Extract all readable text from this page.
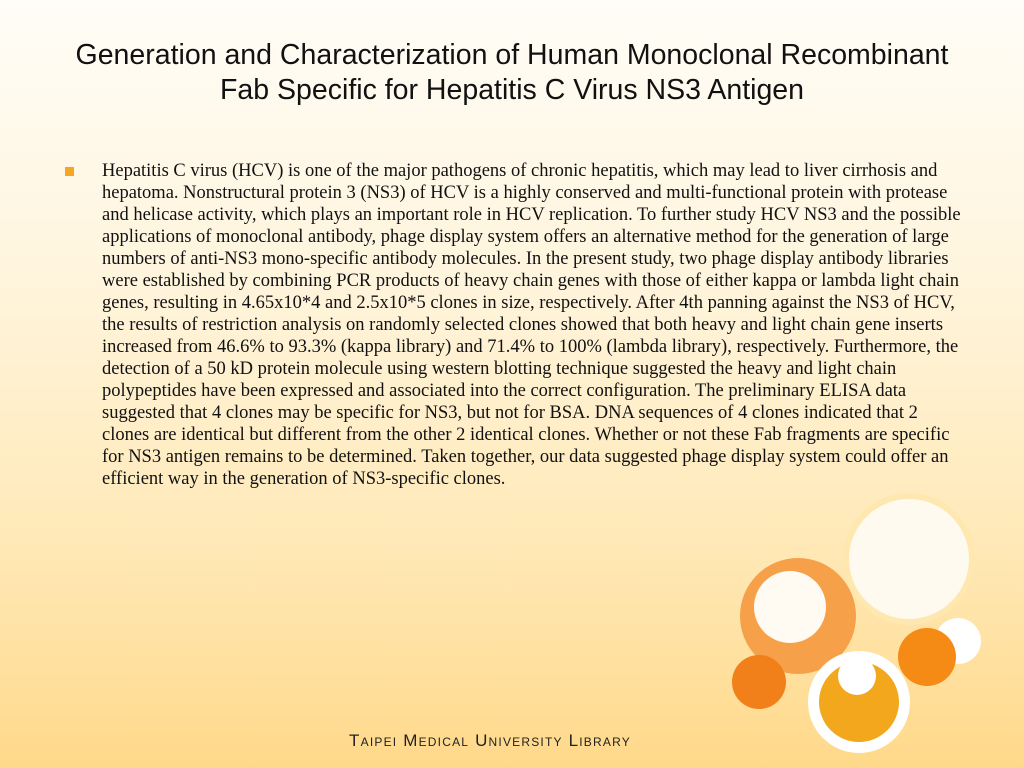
Generation and Characterization of Human Monoclonal Recombinant Fab Specific for Hepatitis C Virus NS3 Antigen

Hepatitis C virus (HCV) is one of the major pathogens of chronic hepatitis, which may lead to liver cirrhosis and hepatoma. Nonstructural protein 3 (NS3) of HCV is a highly conserved and multi-functional protein with protease and helicase activity, which plays an important role in HCV replication. To further study HCV NS3 and the possible applications of monoclonal antibody, phage display system offers an alternative method for the generation of large numbers of anti-NS3 mono-specific antibody molecules. In the present study, two phage display antibody libraries were established by combining PCR products of heavy chain genes with those of either kappa or lambda light chain genes, resulting in 4.65x10*4 and 2.5x10*5 clones in size, respectively. After 4th panning against the NS3 of HCV, the results of restriction analysis on randomly selected clones showed that both heavy and light chain gene inserts increased from 46.6% to 93.3% (kappa library) and 71.4% to 100% (lambda library), respectively. Furthermore, the detection of a 50 kD protein molecule using western blotting technique suggested the heavy and light chain polypeptides have been expressed and associated into the correct configuration. The preliminary ELISA data suggested that 4 clones may be specific for NS3, but not for BSA. DNA sequences of 4 clones indicated that 2 clones are identical but different from the other 2 identical clones. Whether or not these Fab fragments are specific for NS3 antigen remains to be determined. Taken together, our data suggested phage display system could offer an efficient way in the generation of NS3-specific clones.

Taipei Medical University Library
